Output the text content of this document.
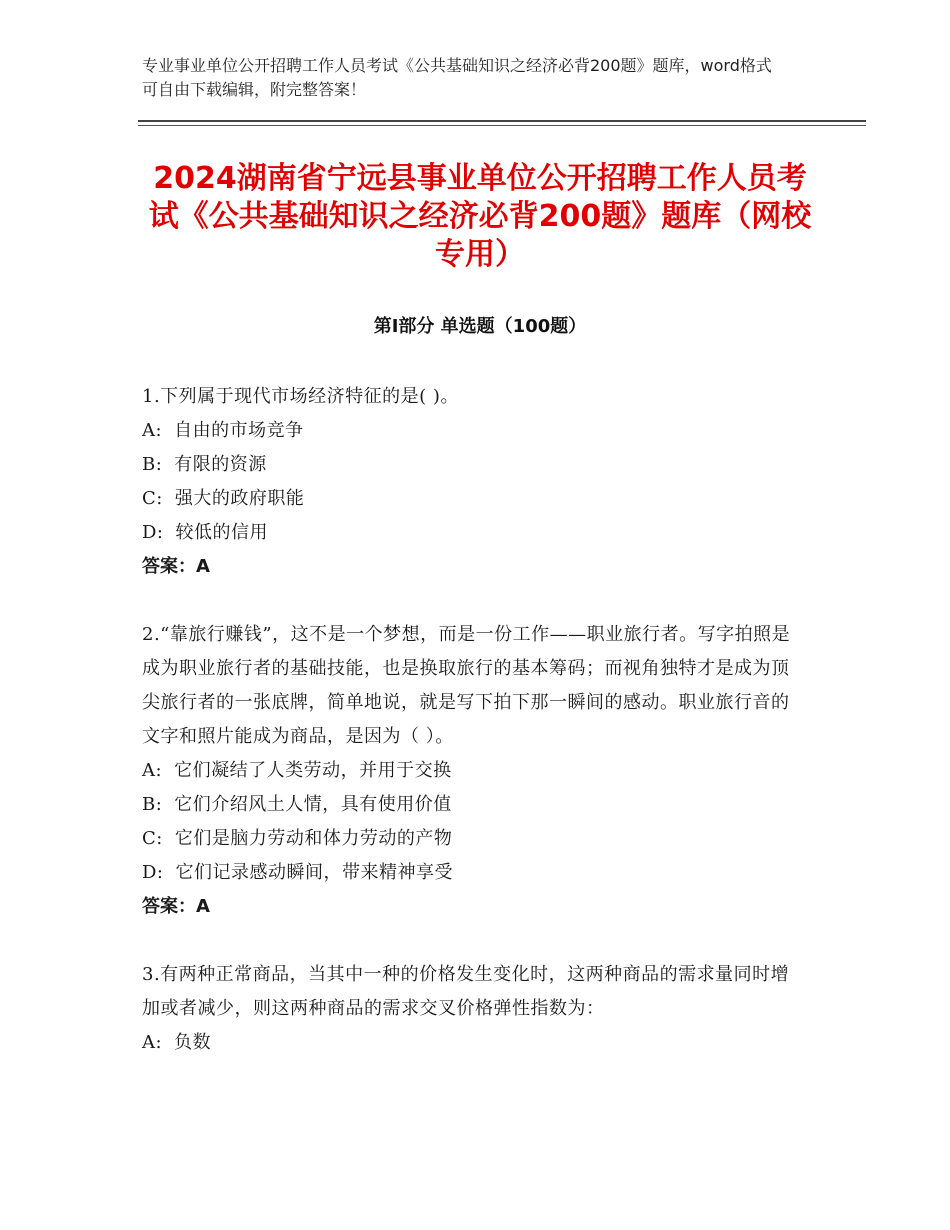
专业事业单位公开招聘工作人员考试《公共基础知识之经济必背200题》题库，word格式可自由下载编辑，附完整答案！
2024湖南省宁远县事业单位公开招聘工作人员考试《公共基础知识之经济必背200题》题库（网校专用）
第I部分 单选题（100题）

1.下列属于现代市场经济特征的是( )。

A: 自由的市场竞争

B: 有限的资源

C: 强大的政府职能

D: 较低的信用

答案：A

2.“靠旅行赚钱”，这不是一个梦想，而是一份工作——职业旅行者。写字拍照是成为职业旅行者的基础技能，也是换取旅行的基本筹码；而视角独特才是成为顶尖旅行者的一张底牌，简单地说，就是写下拍下那一瞬间的感动。职业旅行音的文字和照片能成为商品，是因为（ ）。

A: 它们凝结了人类劳动，并用于交换

B: 它们介绍风土人情，具有使用价值

C: 它们是脑力劳动和体力劳动的产物

D: 它们记录感动瞬间，带来精神享受

答案：A

3.有两种正常商品，当其中一种的价格发生变化时，这两种商品的需求量同时增加或者减少，则这两种商品的需求交叉价格弹性指数为：

A: 负数
